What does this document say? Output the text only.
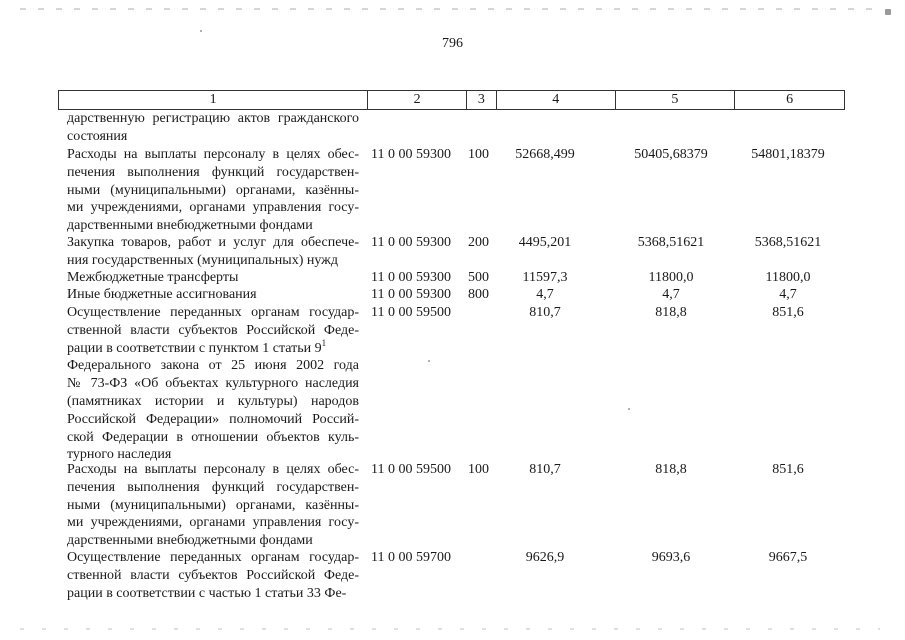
796
1	2	3	4	5	6
дарственную регистрацию актов гражданского
состояния
Расходы на выплаты персоналу в целях обес-
печения выполнения функций государствен-
ными (муниципальными) органами, казённы-
ми учреждениями, органами управления госу-
дарственными внебюджетными фондами
11 0 00 59300 100	52668,499	50405,68379	54801,18379
Закупка товаров, работ и услуг для обеспече-
ния государственных (муниципальных) нужд
11 0 00 59300 200	4495,201	5368,51621	5368,51621
Межбюджетные трансферты	11 0 00 59300 500	11597,3	11800,0	11800,0
Иные бюджетные ассигнования	11 0 00 59300 800	4,7	4,7	4,7
Осуществление переданных органам государ-
ственной власти субъектов Российской Феде-
рации в соответствии с пунктом 1 статьи $9^1$
Федерального закона от 25 июня 2002 года
№ 73-ФЗ «Об объектах культурного наследия
(памятниках истории и культуры) народов
Российской Федерации» полномочий Россий-
ской Федерации в отношении объектов куль-
турного наследия
11 0 00 59500	810,7	818,8	851,6
Расходы на выплаты персоналу в целях обес-
печения выполнения функций государствен-
ными (муниципальными) органами, казённы-
ми учреждениями, органами управления госу-
дарственными внебюджетными фондами
11 0 00 59500 100	810,7	818,8	851,6
Осуществление переданных органам государ-
ственной власти субъектов Российской Феде-
рации в соответствии с частью 1 статьи 33 Фе-
11 0 00 59700	9626,9	9693,6	9667,5
